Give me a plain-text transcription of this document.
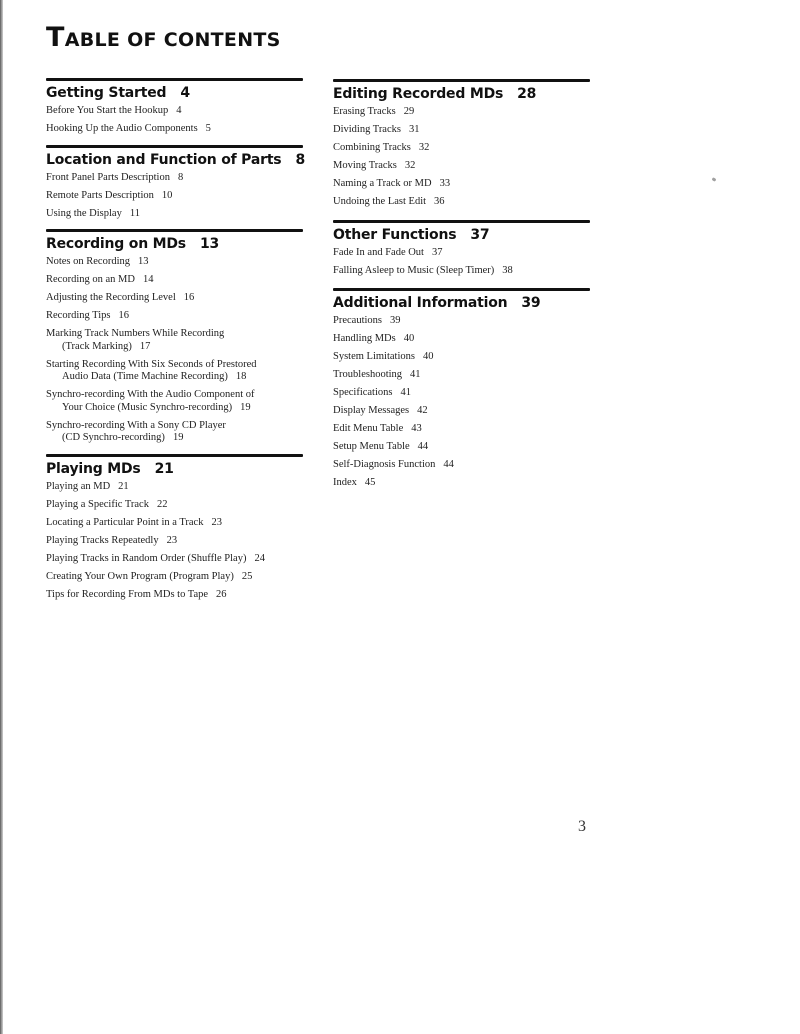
TABLE OF CONTENTS
Getting Started 4
Before You Start the Hookup 4
Hooking Up the Audio Components 5
Location and Function of Parts 8
Front Panel Parts Description 8
Remote Parts Description 10
Using the Display 11
Recording on MDs 13
Notes on Recording 13
Recording on an MD 14
Adjusting the Recording Level 16
Recording Tips 16
Marking Track Numbers While Recording
(Track Marking) 17
Starting Recording With Six Seconds of Prestored
Audio Data (Time Machine Recording) 18
Synchro-recording With the Audio Component of
Your Choice (Music Synchro-recording) 19
Synchro-recording With a Sony CD Player
(CD Synchro-recording) 19
Playing MDs 21
Playing an MD 21
Playing a Specific Track 22
Locating a Particular Point in a Track 23
Playing Tracks Repeatedly 23
Playing Tracks in Random Order (Shuffle Play) 24
Creating Your Own Program (Program Play) 25
Tips for Recording From MDs to Tape 26
Editing Recorded MDs 28
Erasing Tracks 29
Dividing Tracks 31
Combining Tracks 32
Moving Tracks 32
Naming a Track or MD 33
Undoing the Last Edit 36
Other Functions 37
Fade In and Fade Out 37
Falling Asleep to Music (Sleep Timer) 38
Additional Information 39
Precautions 39
Handling MDs 40
System Limitations 40
Troubleshooting 41
Specifications 41
Display Messages 42
Edit Menu Table 43
Setup Menu Table 44
Self-Diagnosis Function 44
Index 45
3
